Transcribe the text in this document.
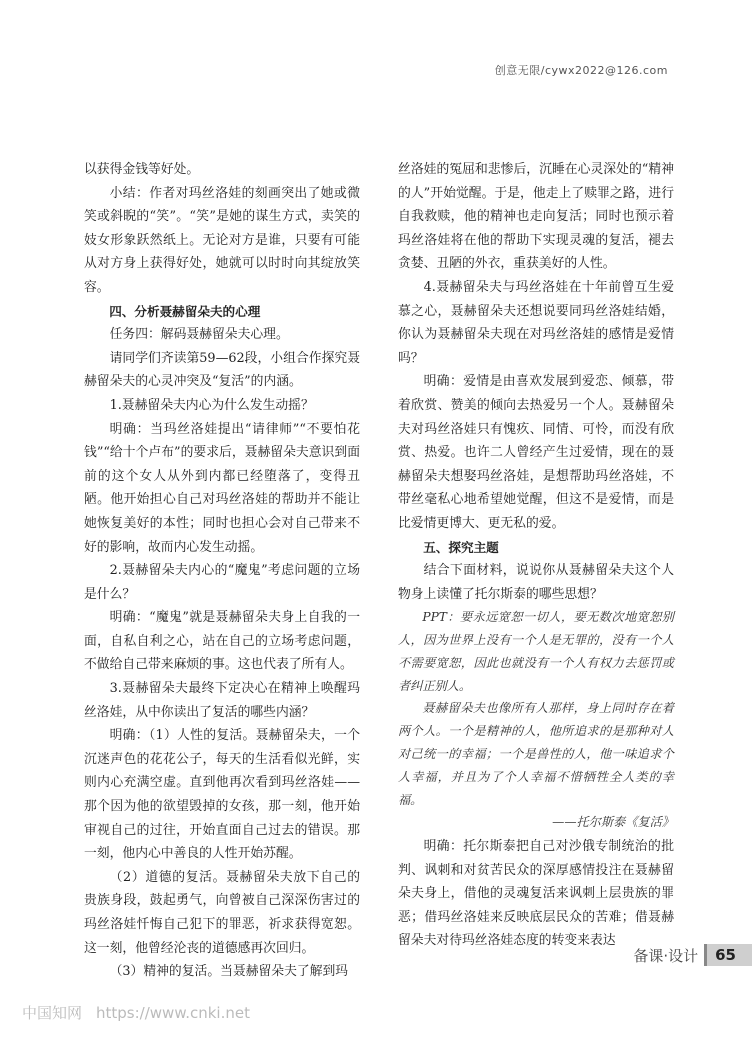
创意无限/cywx2022@126.com

以获得金钱等好处。

小结：作者对玛丝洛娃的刻画突出了她或微笑或斜睨的“笑”。“笑”是她的谋生方式，卖笑的妓女形象跃然纸上。无论对方是谁，只要有可能从对方身上获得好处，她就可以时时向其绽放笑容。

四、分析聂赫留朵夫的心理

任务四：解码聂赫留朵夫心理。

请同学们齐读第59—62段，小组合作探究聂赫留朵夫的心灵冲突及“复活”的内涵。

1.聂赫留朵夫内心为什么发生动摇？

明确：当玛丝洛娃提出“请律师”“不要怕花钱”“给十个卢布”的要求后，聂赫留朵夫意识到面前的这个女人从外到内都已经堕落了，变得丑陋。他开始担心自己对玛丝洛娃的帮助并不能让她恢复美好的本性；同时也担心会对自己带来不好的影响，故而内心发生动摇。

2.聂赫留朵夫内心的“魔鬼”考虑问题的立场是什么？

明确：“魔鬼”就是聂赫留朵夫身上自我的一面，自私自利之心，站在自己的立场考虑问题，不做给自己带来麻烦的事。这也代表了所有人。

3.聂赫留朵夫最终下定决心在精神上唤醒玛丝洛娃，从中你读出了复活的哪些内涵？

明确：（1）人性的复活。聂赫留朵夫，一个沉迷声色的花花公子，每天的生活看似光鲜，实则内心充满空虚。直到他再次看到玛丝洛娃——那个因为他的欲望毁掉的女孩，那一刻，他开始审视自己的过往，开始直面自己过去的错误。那一刻，他内心中善良的人性开始苏醒。

（2）道德的复活。聂赫留朵夫放下自己的贵族身段，鼓起勇气，向曾被自己深深伤害过的玛丝洛娃忏悔自己犯下的罪恶，祈求获得宽恕。这一刻，他曾经沦丧的道德感再次回归。

（3）精神的复活。当聂赫留朵夫了解到玛

丝洛娃的冤屈和悲惨后，沉睡在心灵深处的“精神的人”开始觉醒。于是，他走上了赎罪之路，进行自我救赎，他的精神也走向复活；同时也预示着玛丝洛娃将在他的帮助下实现灵魂的复活，褪去贪婪、丑陋的外衣，重获美好的人性。

4.聂赫留朵夫与玛丝洛娃在十年前曾互生爱慕之心，聂赫留朵夫还想说要同玛丝洛娃结婚，你认为聂赫留朵夫现在对玛丝洛娃的感情是爱情吗？

明确：爱情是由喜欢发展到爱恋、倾慕，带着欣赏、赞美的倾向去热爱另一个人。聂赫留朵夫对玛丝洛娃只有愧疚、同情、可怜，而没有欣赏、热爱。也许二人曾经产生过爱情，现在的聂赫留朵夫想娶玛丝洛娃，是想帮助玛丝洛娃，不带丝毫私心地希望她觉醒，但这不是爱情，而是比爱情更博大、更无私的爱。

五、探究主题

结合下面材料，说说你从聂赫留朵夫这个人物身上读懂了托尔斯泰的哪些思想？

PPT：要永远宽恕一切人，要无数次地宽恕别人，因为世界上没有一个人是无罪的，没有一个人不需要宽恕，因此也就没有一个人有权力去惩罚或者纠正别人。

聂赫留朵夫也像所有人那样，身上同时存在着两个人。一个是精神的人，他所追求的是那种对人对己统一的幸福；一个是兽性的人，他一味追求个人幸福，并且为了个人幸福不惜牺牲全人类的幸福。

——托尔斯泰《复活》

明确：托尔斯泰把自己对沙俄专制统治的批判、讽刺和对贫苦民众的深厚感情投注在聂赫留朵夫身上，借他的灵魂复活来讽刺上层贵族的罪恶；借玛丝洛娃来反映底层民众的苦难；借聂赫留朵夫对待玛丝洛娃态度的转变来表达

备课·设计	65
中国知网 https://www.cnki.net
